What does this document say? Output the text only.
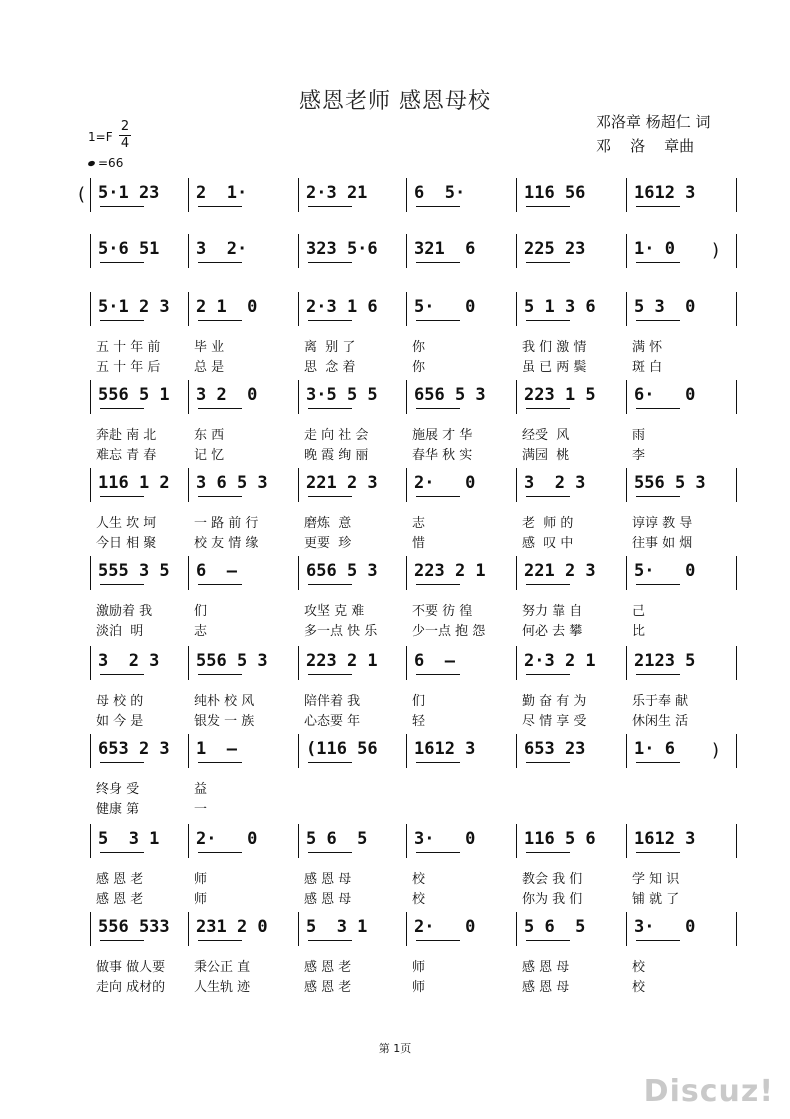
感恩老师 感恩母校
邓洛章 杨超仁 词
邓    洛    章曲
1=F
2
4
=66
( 5·1 23	2  1·	2·3 21	6  5·	116 56	1612 3
)
5·6 51	3  2·	323 5·6	321  6	225 23	1· 0
5·1 2 3	2 1  0	2·3 1 6	5·   0	5 1 3 6	5 3  0
五 十 年 前	毕 业	离  别 了	你	我 们 激 情	满 怀
五 十 年 后	总 是	思  念 着	你	虽 已 两 鬓	斑 白
556 5 1	3 2  0	3·5 5 5	656 5 3	223 1 5	6·   0
奔赴 南 北	东 西	走 向 社 会	施展 才 华	经受  风	雨
难忘 青 春	记 忆	晚 霞 绚 丽	春华 秋 实	满园  桃	李
116 1 2	3 6 5 3	221 2 3	2·   0	3  2 3	556 5 3
人生 坎 坷	一 路 前 行	磨炼  意	志	老  师 的	谆谆 教 导
今日 相 聚	校 友 情 缘	更要  珍	惜	感  叹 中	往事 如 烟
555 3 5	6  –	656 5 3	223 2 1	221 2 3	5·   0
激励着 我	们	攻坚 克 难	不要 彷 徨	努力 靠 自	己
淡泊  明	志	多一点 快 乐	少一点 抱 怨	何必 去 攀	比
3  2 3	556 5 3	223 2 1	6  –	2·3 2 1	2123 5
母 校 的	纯朴 校 风	陪伴着 我	们	勤 奋 有 为	乐于奉 献
如 今 是	银发 一 族	心态要 年	轻	尽 情 享 受	休闲生 活
)
653 2 3	1  –	(116 56	1612 3	653 23	1· 6
终身 受	益
健康 第	一
5  3 1	2·   0	5 6  5	3·   0	116 5 6	1612 3
感 恩 老	师	感 恩 母	校	教会 我 们	学 知 识
感 恩 老	师	感 恩 母	校	你为 我 们	铺 就 了
556 533	231 2 0	5  3 1	2·   0	5 6  5	3·   0
做事 做人要 秉公正 直	感 恩 老	师	感 恩 母	校
走向 成材的 人生轨 迹	感 恩 老	师	感 恩 母	校
第 1页
Discuz!
